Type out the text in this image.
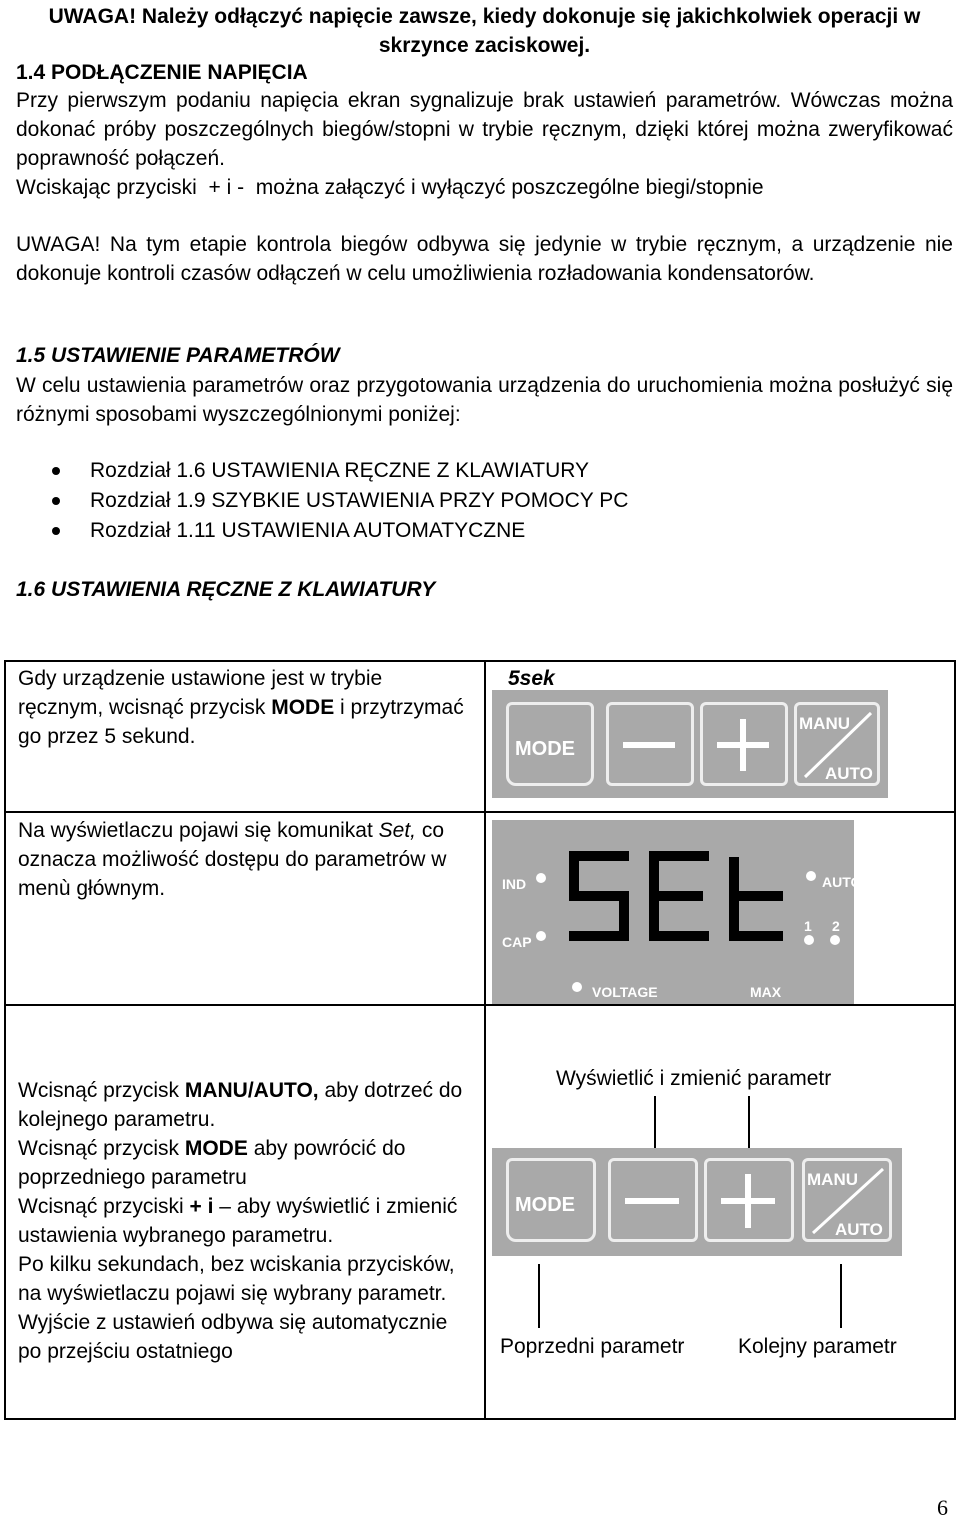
UWAGA! Należy odłączyć napięcie zawsze, kiedy dokonuje się jakichkolwiek operacji w skrzynce zaciskowej.
1.4 PODŁĄCZENIE NAPIĘCIA
Przy pierwszym podaniu napięcia ekran sygnalizuje brak ustawień parametrów. Wówczas można dokonać próby poszczególnych biegów/stopni w trybie ręcznym, dzięki której można zweryfikować poprawność połączeń.
Wciskając przyciski  + i -  można załączyć i wyłączyć poszczególne biegi/stopnie
UWAGA! Na tym etapie kontrola biegów odbywa się jedynie w trybie ręcznym, a urządzenie nie dokonuje kontroli czasów odłączeń w celu umożliwienia rozładowania kondensatorów.
1.5 USTAWIENIE PARAMETRÓW
W celu ustawienia parametrów oraz przygotowania urządzenia do uruchomienia można posłużyć się różnymi sposobami wyszczególnionymi poniżej:
Rozdział 1.6 USTAWIENIA RĘCZNE Z KLAWIATURY
Rozdział 1.9 SZYBKIE USTAWIENIA PRZY POMOCY PC
Rozdział 1.11 USTAWIENIA AUTOMATYCZNE
1.6 USTAWIENIA RĘCZNE Z KLAWIATURY
Gdy urządzenie ustawione jest w trybie ręcznym, wcisnąć przycisk MODE i przytrzymać go przez 5 sekund.
5sek
MODE
MANU
AUTO
Na wyświetlaczu pojawi się komunikat Set, co oznacza możliwość dostępu do parametrów w menù głównym.	IND
CAP
AUTO
1 2
VOLTAGE	MAX

Wcisnąć przycisk MANU/AUTO, aby dotrzeć do kolejnego parametru.

Wcisnąć przycisk MODE aby powrócić do poprzedniego parametru

Wcisnąć przyciski + i – aby wyświetlić i zmienić ustawienia wybranego parametru.

Po kilku sekundach, bez wciskania przycisków, na wyświetlaczu pojawi się wybrany parametr.

Wyjście z ustawień odbywa się automatycznie po przejściu ostatniego

Wyświetlić i zmienić parametr
MODE
MANU
AUTO
Poprzedni parametr	Kolejny parametr
6
